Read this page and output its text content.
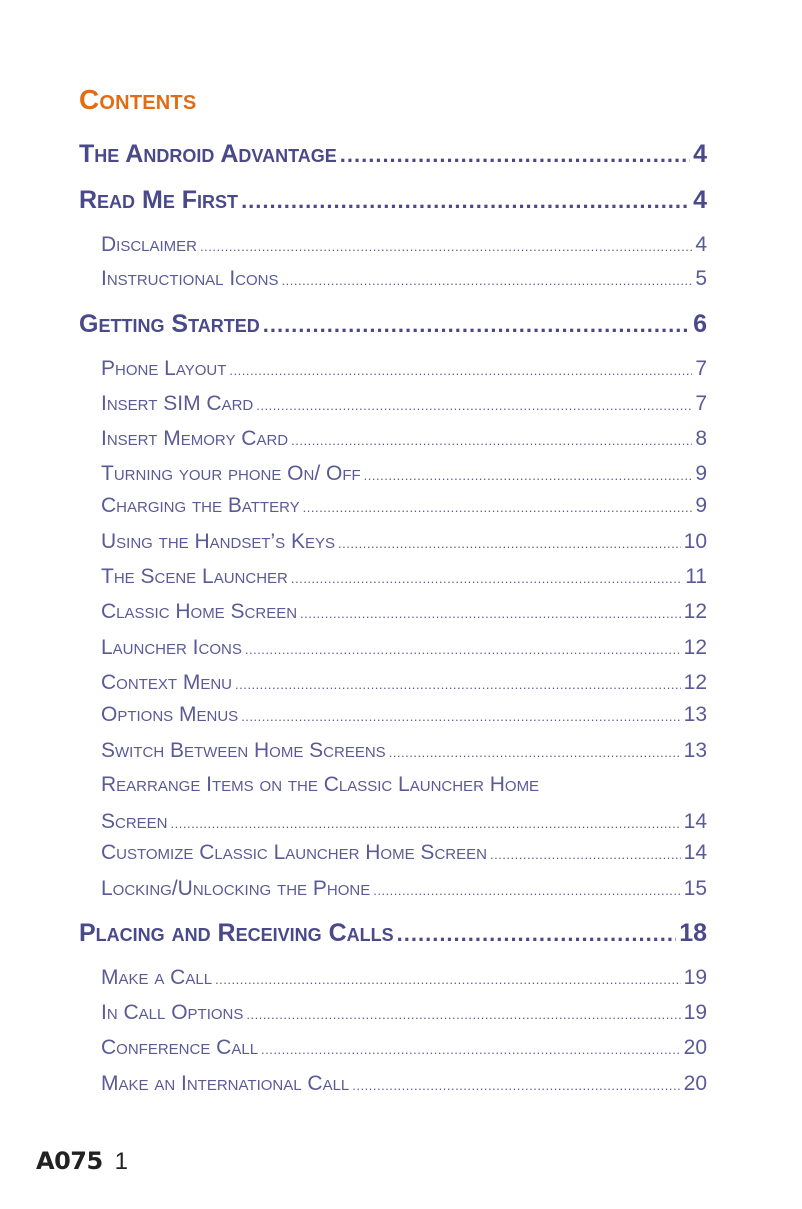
Contents
The Android Advantage .....	4
Read Me First .....	4
Disclaimer .....	4
Instructional Icons .....	5
Getting Started .....	6
Phone Layout .....	7
Insert SIM Card .....	7
Insert Memory Card .....	8
Turning your phone On/ Off .....	9
Charging the Battery .....	9
Using the Handset’s Keys .....	10
The Scene Launcher .....	11
Classic Home Screen .....	12
Launcher Icons .....	12
Context Menu .....	12
Options Menus .....	13
Switch Between Home Screens .....	13
Rearrange Items on the Classic Launcher Home
Screen .....	14
Customize Classic Launcher Home Screen .....	14
Locking/Unlocking the Phone .....	15
Placing and Receiving Calls .....	18
Make a Call .....	19
In Call Options .....	19
Conference Call .....	20
Make an International Call .....	20
A075 1
